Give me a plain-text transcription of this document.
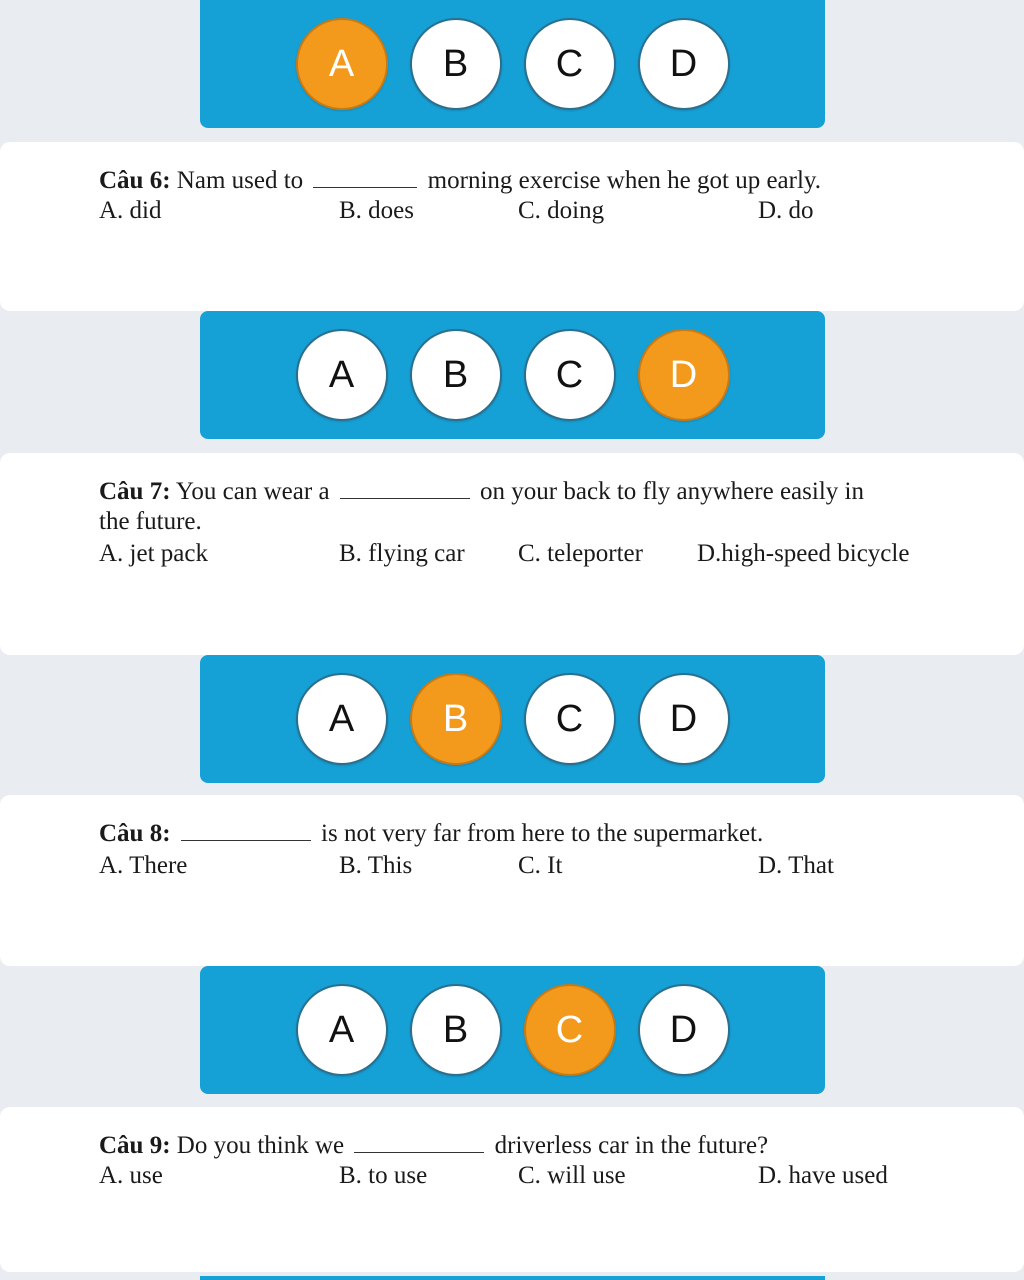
A	B	C	D
Câu 6: Nam used to	morning exercise when he got up early.
A. did	B. does	C. doing	D. do
A	B	C	D
Câu 7: You can wear a	on your back to fly anywhere easily in
the future.
A. jet pack	B. flying car C. teleporter D.high-speed bicycle
A	B	C	D
Câu 8:	is not very far from here to the supermarket.
A. There	B. This	C. It	D. That
A	B	C	D
Câu 9: Do you think we	driverless car in the future?
A. use	B. to use	C. will use	D. have used
